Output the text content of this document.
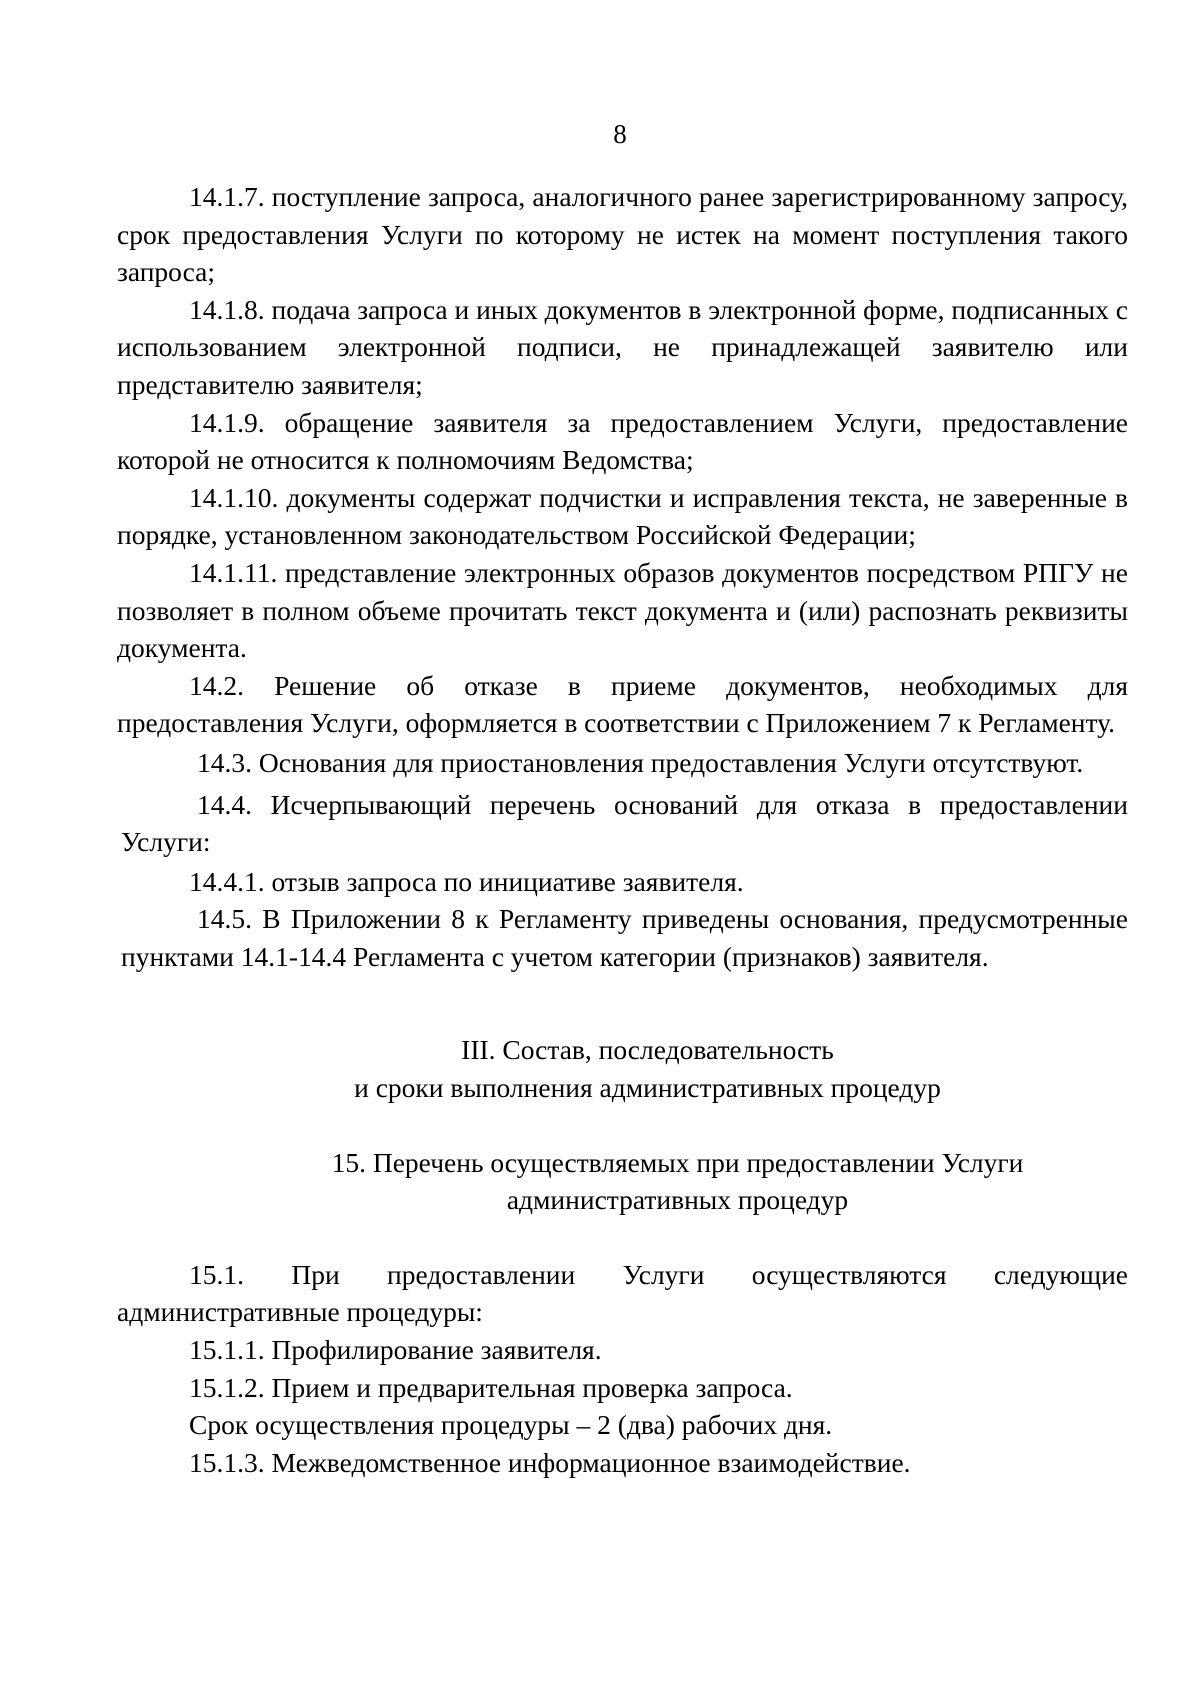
8

14.1.7. поступление запроса, аналогичного ранее зарегистрированному запросу, срок предоставления Услуги по которому не истек на момент поступления такого запроса;

14.1.8. подача запроса и иных документов в электронной форме, подписанных с использованием электронной подписи, не принадлежащей заявителю или представителю заявителя;

14.1.9. обращение заявителя за предоставлением Услуги, предоставление которой не относится к полномочиям Ведомства;

14.1.10. документы содержат подчистки и исправления текста, не заверенные в порядке, установленном законодательством Российской Федерации;

14.1.11. представление электронных образов документов посредством РПГУ не позволяет в полном объеме прочитать текст документа и (или) распознать реквизиты документа.

14.2. Решение об отказе в приеме документов, необходимых для предоставления Услуги, оформляется в соответствии с Приложением 7 к Регламенту.

14.3. Основания для приостановления предоставления Услуги отсутствуют.

14.4. Исчерпывающий перечень оснований для отказа в предоставлении Услуги:

14.4.1. отзыв запроса по инициативе заявителя.

14.5. В Приложении 8 к Регламенту приведены основания, предусмотренные пунктами 14.1-14.4 Регламента с учетом категории (признаков) заявителя.

III. Состав, последовательность

и сроки выполнения административных процедур

15. Перечень осуществляемых при предоставлении Услуги

административных процедур

15.1. При предоставлении Услуги осуществляются следующие административные процедуры:

15.1.1. Профилирование заявителя.

15.1.2. Прием и предварительная проверка запроса.

Срок осуществления процедуры – 2 (два) рабочих дня.

15.1.3. Межведомственное информационное взаимодействие.
